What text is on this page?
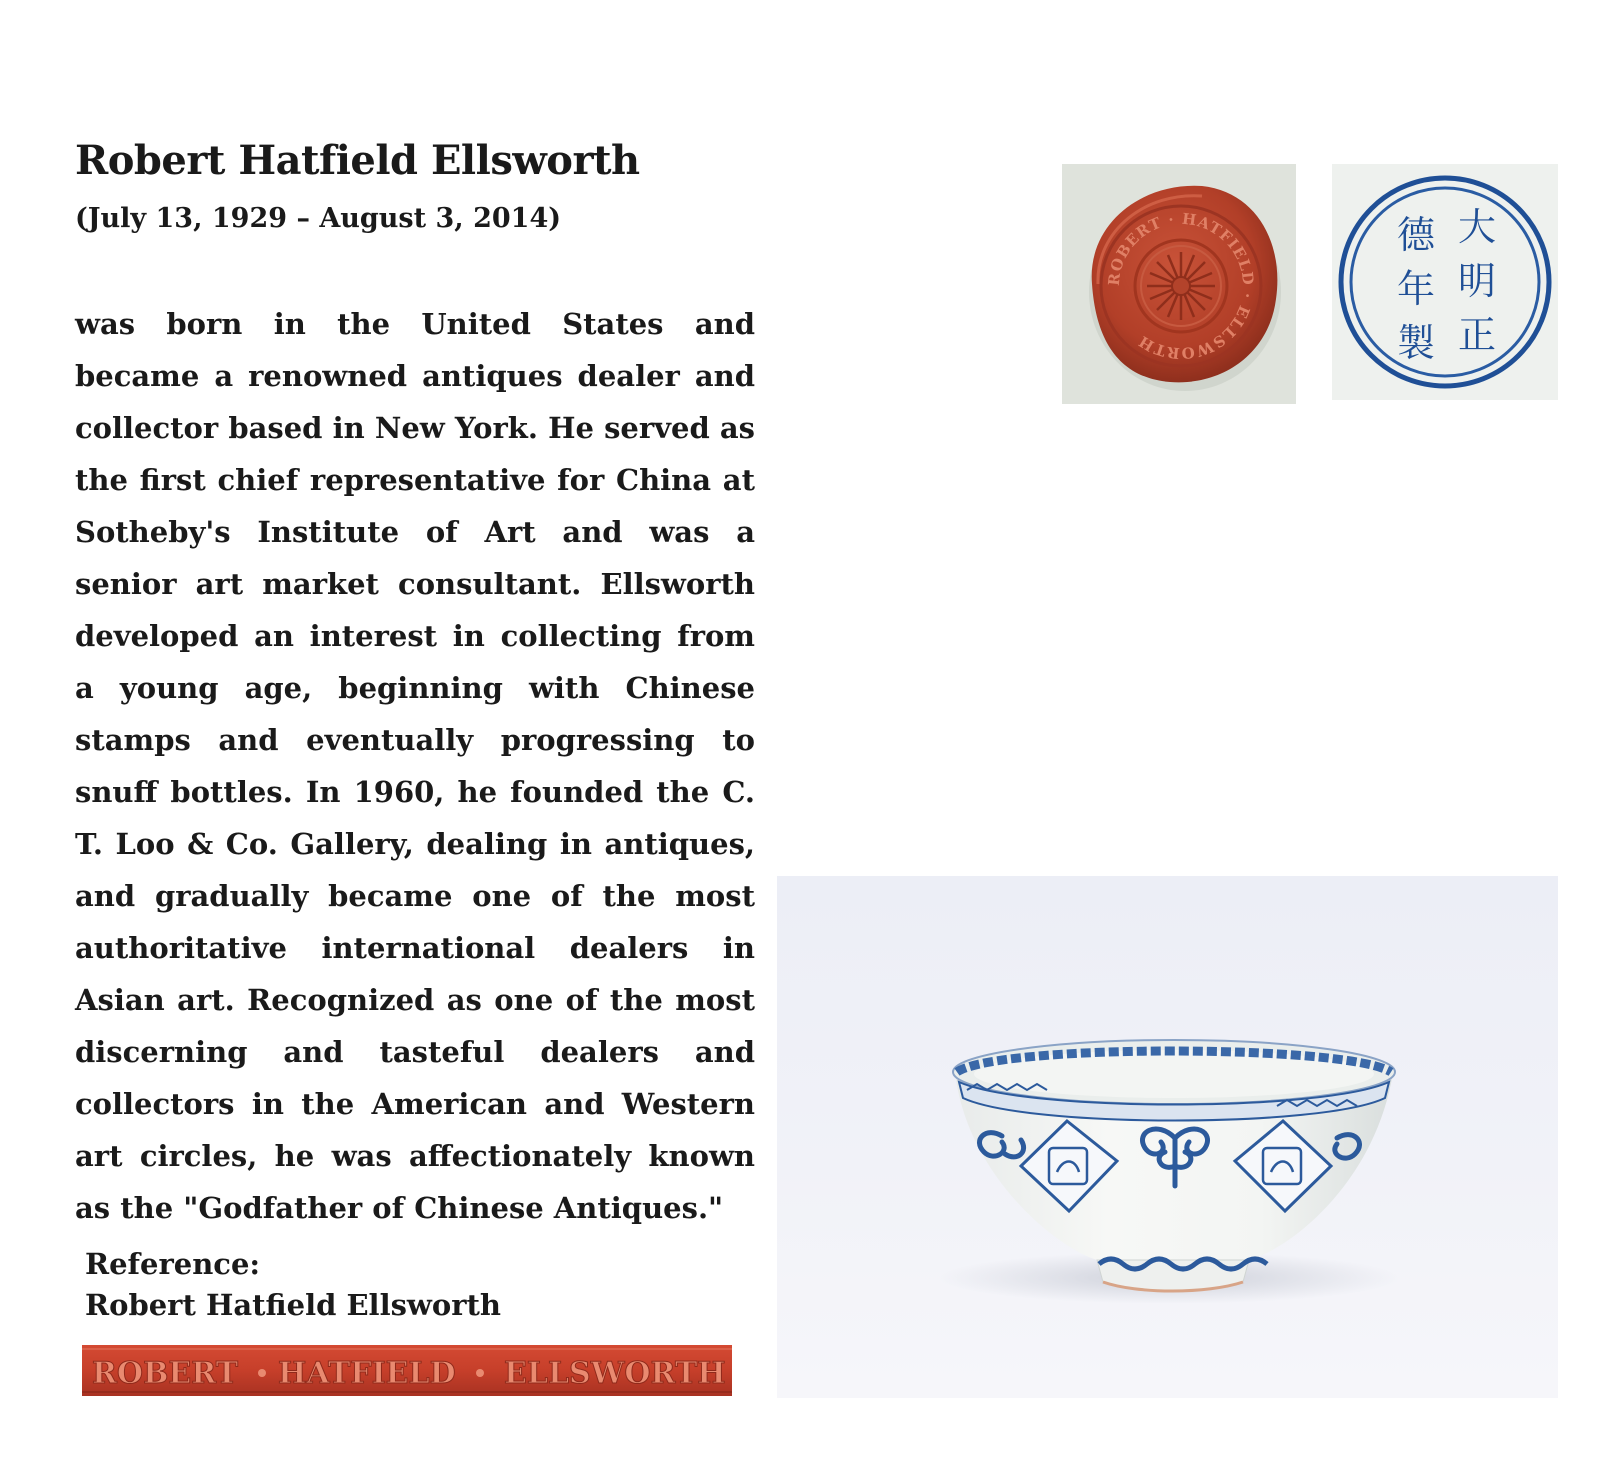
Robert Hatfield Ellsworth
(July 13, 1929 – August 3, 2014)

was born in the United States and became a renowned antiques dealer and collector based in New York. He served as the first chief representative for China at Sotheby's Institute of Art and was a senior art market consultant. Ellsworth developed an interest in collecting from a young age, beginning with Chinese stamps and eventually progressing to snuff bottles. In 1960, he founded the C. T. Loo & Co. Gallery, dealing in antiques, and gradually became one of the most authoritative international dealers in Asian art. Recognized as one of the most discerning and tasteful dealers and collectors in the American and Western art circles, he was affectionately known as the "Godfather of Chinese Antiques."

Reference:
Robert Hatfield Ellsworth
ROBERT · HATFIELD · ELLSWORTH
大
明
正
德
年
製
ROBERT HATFIELD ELLSWORTH
